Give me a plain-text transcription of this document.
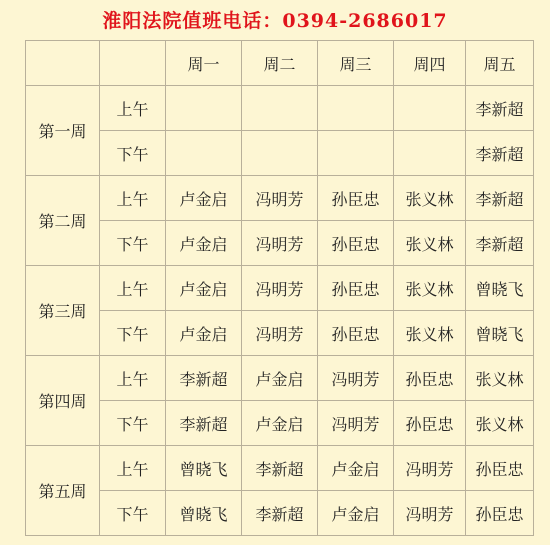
淮阳法院值班电话：0394-2686017
		周一	周二	周三	周四	周五
第一周	上午					李新超
	下午					李新超
第二周	上午	卢金启	冯明芳	孙臣忠	张义林	李新超
	下午	卢金启	冯明芳	孙臣忠	张义林	李新超
第三周	上午	卢金启	冯明芳	孙臣忠	张义林	曾晓飞
	下午	卢金启	冯明芳	孙臣忠	张义林	曾晓飞
第四周	上午	李新超	卢金启	冯明芳	孙臣忠	张义林
	下午	李新超	卢金启	冯明芳	孙臣忠	张义林
第五周	上午	曾晓飞	李新超	卢金启	冯明芳	孙臣忠
	下午	曾晓飞	李新超	卢金启	冯明芳	孙臣忠
